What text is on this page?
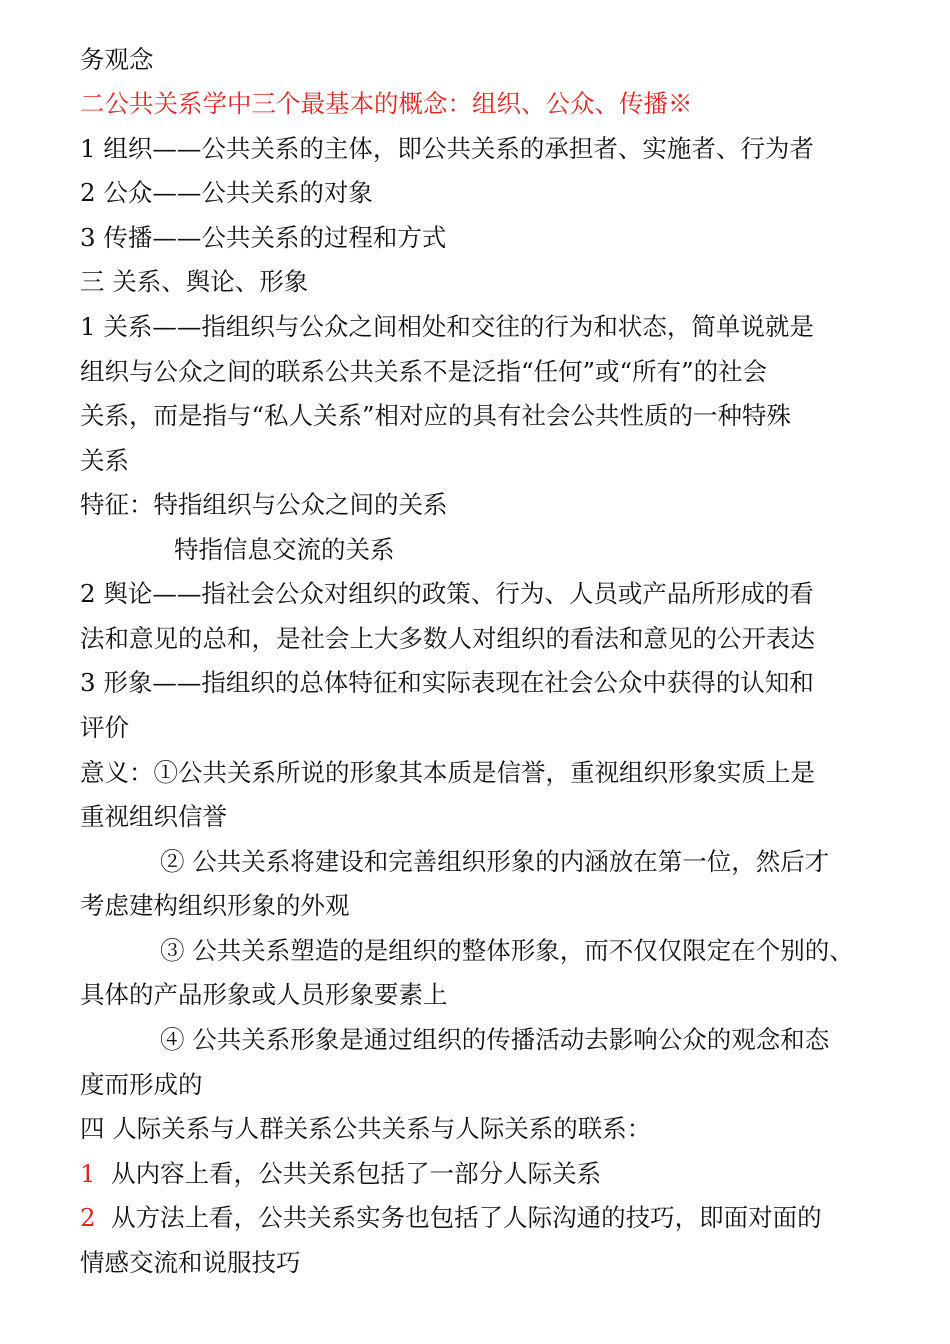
务观念
二公共关系学中三个最基本的概念：组织、公众、传播※
1 组织——公共关系的主体，即公共关系的承担者、实施者、行为者
2 公众——公共关系的对象
3 传播——公共关系的过程和方式
三 关系、舆论、形象
1 关系——指组织与公众之间相处和交往的行为和状态，简单说就是
组织与公众之间的联系公共关系不是泛指“任何”或“所有”的社会
关系，而是指与“私人关系”相对应的具有社会公共性质的一种特殊
关系
特征：特指组织与公众之间的关系
特指信息交流的关系
2 舆论——指社会公众对组织的政策、行为、人员或产品所形成的看
法和意见的总和，是社会上大多数人对组织的看法和意见的公开表达
3 形象——指组织的总体特征和实际表现在社会公众中获得的认知和
评价
意义：①公共关系所说的形象其本质是信誉，重视组织形象实质上是
重视组织信誉
② 公共关系将建设和完善组织形象的内涵放在第一位，然后才
考虑建构组织形象的外观
③ 公共关系塑造的是组织的整体形象，而不仅仅限定在个别的、
具体的产品形象或人员形象要素上
④ 公共关系形象是通过组织的传播活动去影响公众的观念和态
度而形成的
四 人际关系与人群关系公共关系与人际关系的联系：
1 从内容上看，公共关系包括了一部分人际关系
2 从方法上看，公共关系实务也包括了人际沟通的技巧，即面对面的
情感交流和说服技巧
